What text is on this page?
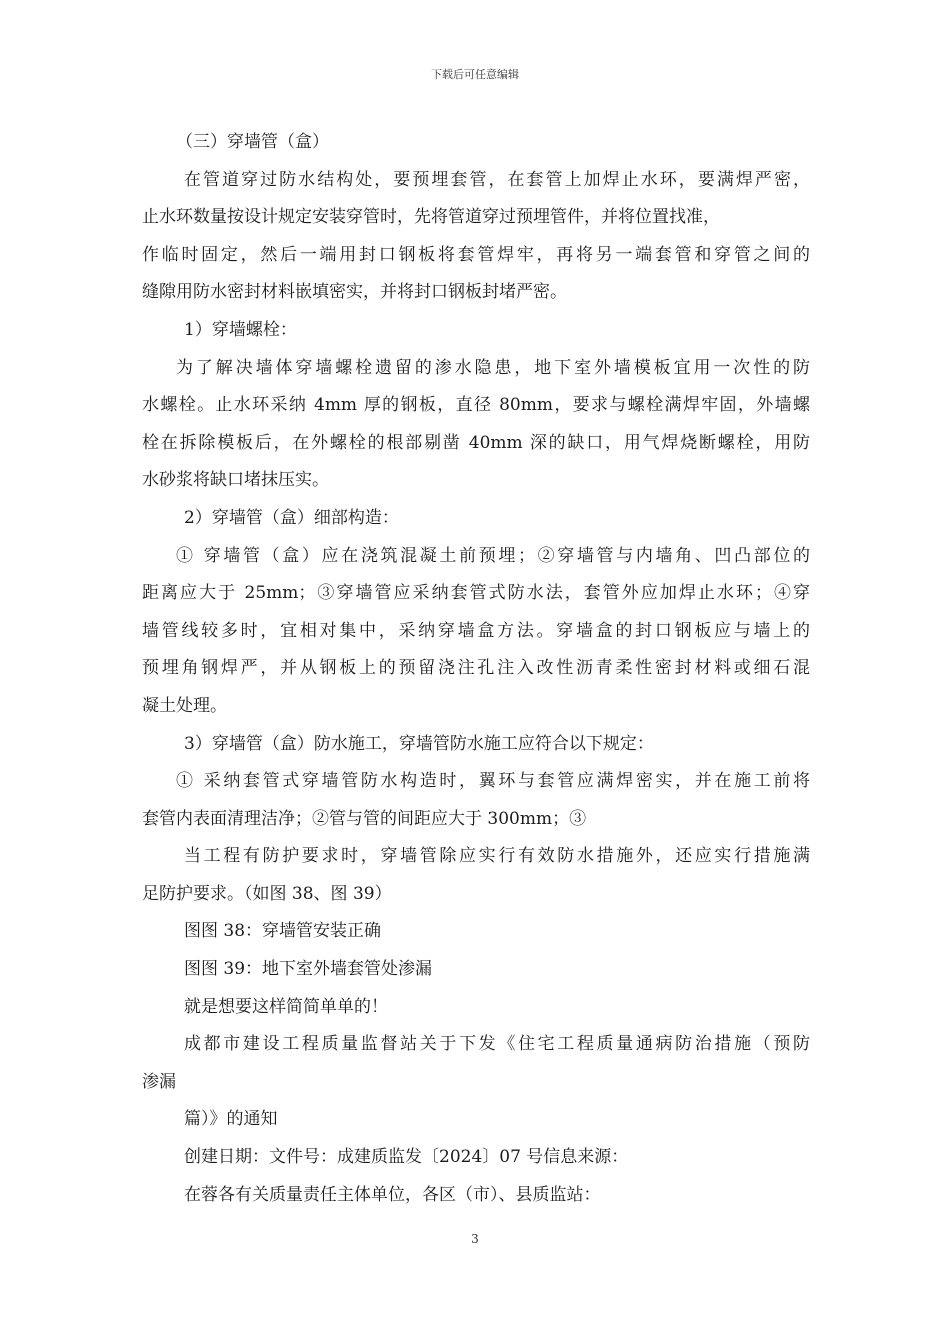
下载后可任意编辑
（三）穿墙管（盒）
在管道穿过防水结构处，要预埋套管，在套管上加焊止水环，要满焊严密，
止水环数量按设计规定安装穿管时，先将管道穿过预埋管件，并将位置找准，
作临时固定，然后一端用封口钢板将套管焊牢，再将另一端套管和穿管之间的
缝隙用防水密封材料嵌填密实，并将封口钢板封堵严密。
1）穿墙螺栓：
为了解决墙体穿墙螺栓遗留的渗水隐患，地下室外墙模板宜用一次性的防
水螺栓。止水环采纳 4mm 厚的钢板，直径 80mm，要求与螺栓满焊牢固，外墙螺
栓在拆除模板后，在外螺栓的根部剔凿 40mm 深的缺口，用气焊烧断螺栓，用防
水砂浆将缺口堵抹压实。
2）穿墙管（盒）细部构造：
① 穿墙管（盒）应在浇筑混凝土前预埋；②穿墙管与内墙角、凹凸部位的
距离应大于 25mm；③穿墙管应采纳套管式防水法，套管外应加焊止水环；④穿
墙管线较多时，宜相对集中，采纳穿墙盒方法。穿墙盒的封口钢板应与墙上的
预埋角钢焊严，并从钢板上的预留浇注孔注入改性沥青柔性密封材料或细石混
凝土处理。
3）穿墙管（盒）防水施工，穿墙管防水施工应符合以下规定：
① 采纳套管式穿墙管防水构造时，翼环与套管应满焊密实，并在施工前将
套管内表面清理洁净；②管与管的间距应大于 300mm；③
当工程有防护要求时，穿墙管除应实行有效防水措施外，还应实行措施满
足防护要求。（如图 38、图 39）
图图 38：穿墙管安装正确
图图 39：地下室外墙套管处渗漏
就是想要这样简简单单的！
成都市建设工程质量监督站关于下发《住宅工程质量通病防治措施（预防
渗漏
篇）》的通知
创建日期：文件号：成建质监发〔2024〕07 号信息来源：
在蓉各有关质量责任主体单位，各区（市）、县质监站：
3
